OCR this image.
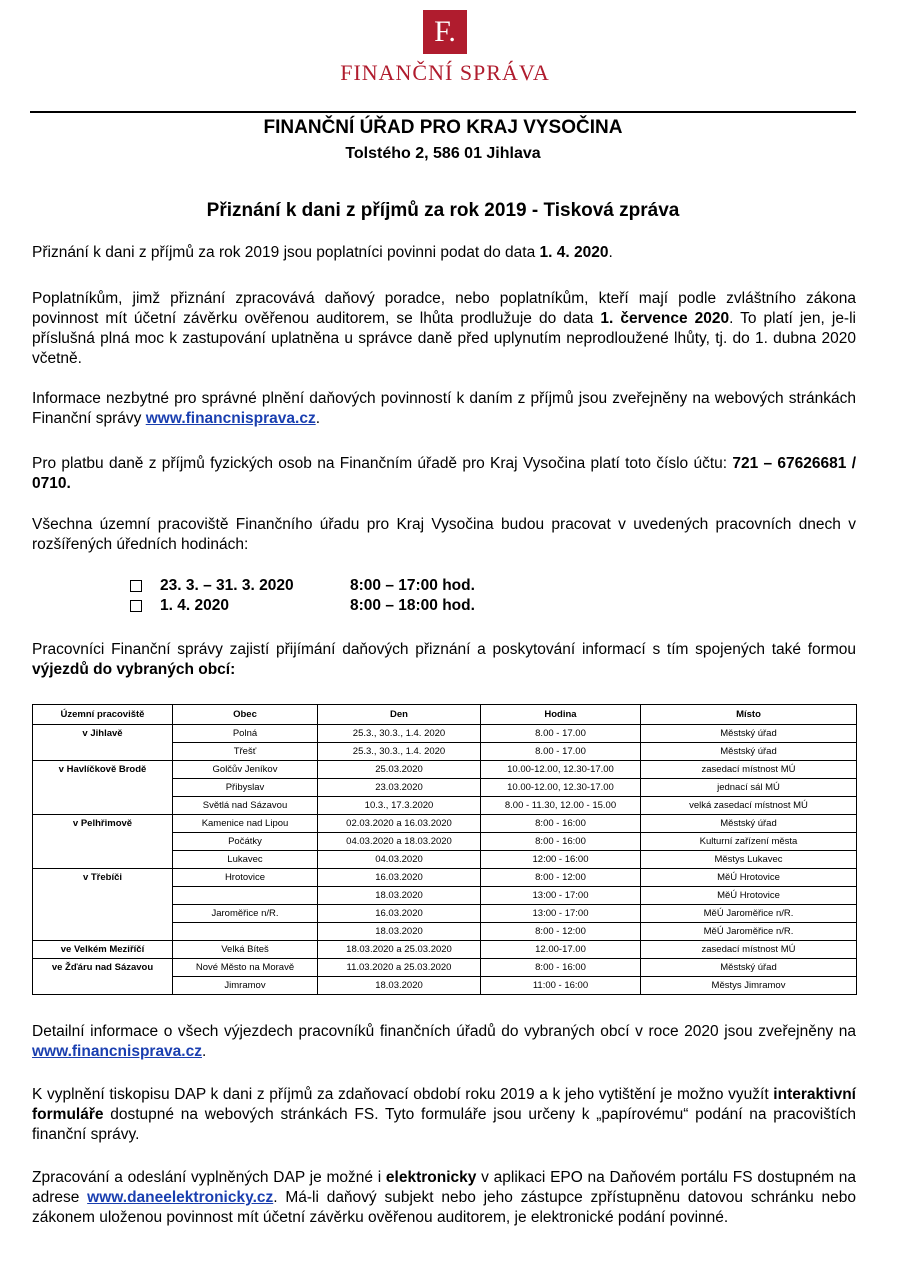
F.
FINANČNÍ SPRÁVA
FINANČNÍ ÚŘAD PRO KRAJ VYSOČINA
Tolstého 2, 586 01 Jihlava
Přiznání k dani z příjmů za rok 2019 - Tisková zpráva
Přiznání k dani z příjmů za rok 2019 jsou poplatníci povinni podat do data 1. 4. 2020.
Poplatníkům, jimž přiznání zpracovává daňový poradce, nebo poplatníkům, kteří mají podle zvláštního zákona povinnost mít účetní závěrku ověřenou auditorem, se lhůta prodlužuje do data 1. července 2020. To platí jen, je-li příslušná plná moc k zastupování uplatněna u správce daně před uplynutím neprodloužené lhůty, tj. do 1. dubna 2020 včetně.
Informace nezbytné pro správné plnění daňových povinností k daním z příjmů jsou zveřejněny na webových stránkách Finanční správy www.financnisprava.cz.
Pro platbu daně z příjmů fyzických osob na Finančním úřadě pro Kraj Vysočina platí toto číslo účtu: 721 – 67626681 / 0710.
Všechna územní pracoviště Finančního úřadu pro Kraj Vysočina budou pracovat v uvedených pracovních dnech v rozšířených úředních hodinách:
23. 3. – 31. 3. 2020	8:00 – 17:00 hod.
1. 4. 2020	8:00 – 18:00 hod.
Pracovníci Finanční správy zajistí přijímání daňových přiznání a poskytování informací s tím spojených také formou výjezdů do vybraných obcí:
Územní pracoviště	Obec	Den	Hodina	Místo
v Jihlavě	Polná	25.3., 30.3., 1.4. 2020	8.00 - 17.00	Městský úřad
	Třešť	25.3., 30.3., 1.4. 2020	8.00 - 17.00	Městský úřad
v Havlíčkově Brodě	Golčův Jeníkov	25.03.2020	10.00-12.00, 12.30-17.00	zasedací místnost MÚ
	Přibyslav	23.03.2020	10.00-12.00, 12.30-17.00	jednací sál MÚ
	Světlá nad Sázavou	10.3., 17.3.2020	8.00 - 11.30, 12.00 - 15.00	velká zasedací místnost MÚ
v Pelhřimově	Kamenice nad Lipou	02.03.2020 a 16.03.2020	8:00 - 16:00	Městský úřad
	Počátky	04.03.2020 a 18.03.2020	8:00 - 16:00	Kulturní zařízení města
	Lukavec	04.03.2020	12:00 - 16:00	Městys Lukavec
v Třebíči	Hrotovice	16.03.2020	8:00 - 12:00	MěÚ Hrotovice
		18.03.2020	13:00 - 17:00	MěÚ Hrotovice
	Jaroměřice n/R.	16.03.2020	13:00 - 17:00	MěÚ Jaroměřice n/R.
		18.03.2020	8:00 - 12:00	MěÚ Jaroměřice n/R.
ve Velkém Meziříčí	Velká Bíteš	18.03.2020 a 25.03.2020	12.00-17.00	zasedací místnost MÚ
ve Žďáru nad Sázavou	Nové Město na Moravě	11.03.2020 a 25.03.2020	8:00 - 16:00	Městský úřad
	Jimramov	18.03.2020	11:00 - 16:00	Městys Jimramov
Detailní informace o všech výjezdech pracovníků finančních úřadů do vybraných obcí v roce 2020 jsou zveřejněny na www.financnisprava.cz.
K vyplnění tiskopisu DAP k dani z příjmů za zdaňovací období roku 2019 a k jeho vytištění je možno využít interaktivní formuláře dostupné na webových stránkách FS. Tyto formuláře jsou určeny k „papírovému“ podání na pracovištích finanční správy.
Zpracování a odeslání vyplněných DAP je možné i elektronicky v aplikaci EPO na Daňovém portálu FS dostupném na adrese www.daneelektronicky.cz. Má-li daňový subjekt nebo jeho zástupce zpřístupněnu datovou schránku nebo zákonem uloženou povinnost mít účetní závěrku ověřenou auditorem, je elektronické podání povinné.
